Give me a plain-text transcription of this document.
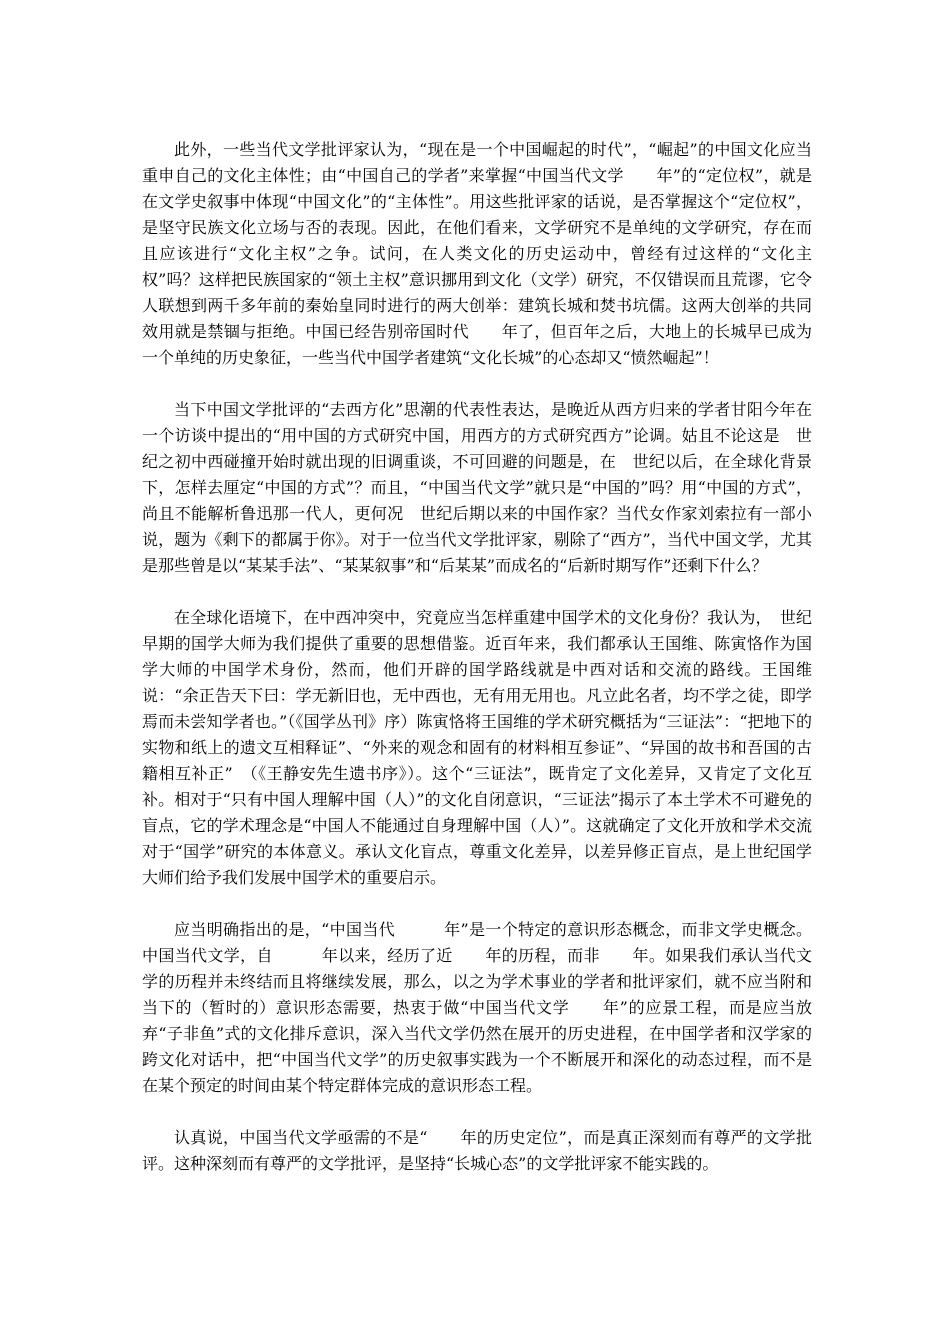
此外，一些当代文学批评家认为，“现在是一个中国崛起的时代”，“崛起”的中国文化应当重申自己的文化主体性；由“中国自己的学者”来掌握“中国当代文学　　年”的“定位权”，就是在文学史叙事中体现“中国文化”的“主体性”。用这些批评家的话说，是否掌握这个“定位权”，是坚守民族文化立场与否的表现。因此，在他们看来，文学研究不是单纯的文学研究，存在而且应该进行“文化主权”之争。试问，在人类文化的历史运动中，曾经有过这样的“文化主权”吗？这样把民族国家的“领土主权”意识挪用到文化（文学）研究，不仅错误而且荒谬，它令人联想到两千多年前的秦始皇同时进行的两大创举：建筑长城和焚书坑儒。这两大创举的共同效用就是禁锢与拒绝。中国已经告别帝国时代　　年了，但百年之后，大地上的长城早已成为一个单纯的历史象征，一些当代中国学者建筑“文化长城”的心态却又“愤然崛起”！

当下中国文学批评的“去西方化”思潮的代表性表达，是晚近从西方归来的学者甘阳今年在一个访谈中提出的“用中国的方式研究中国，用西方的方式研究西方”论调。姑且不论这是　世纪之初中西碰撞开始时就出现的旧调重谈，不可回避的问题是，在　世纪以后，在全球化背景下，怎样去厘定“中国的方式”？而且，“中国当代文学”就只是“中国的”吗？用“中国的方式”，尚且不能解析鲁迅那一代人，更何况　世纪后期以来的中国作家？当代女作家刘索拉有一部小说，题为《剩下的都属于你》。对于一位当代文学批评家，剔除了“西方”，当代中国文学，尤其是那些曾是以“某某手法”、“某某叙事”和“后某某”而成名的“后新时期写作”还剩下什么？

在全球化语境下，在中西冲突中，究竟应当怎样重建中国学术的文化身份？我认为，　世纪早期的国学大师为我们提供了重要的思想借鉴。近百年来，我们都承认王国维、陈寅恪作为国学大师的中国学术身份，然而，他们开辟的国学路线就是中西对话和交流的路线。王国维说：“余正告天下曰：学无新旧也，无中西也，无有用无用也。凡立此名者，均不学之徒，即学焉而未尝知学者也。”（《国学丛刊》序）陈寅恪将王国维的学术研究概括为“三证法”：“把地下的实物和纸上的遗文互相释证”、“外来的观念和固有的材料相互参证”、“异国的故书和吾国的古籍相互补正”　（《王静安先生遗书序》）。这个“三证法”，既肯定了文化差异，又肯定了文化互补。相对于“只有中国人理解中国（人）”的文化自闭意识，“三证法”揭示了本土学术不可避免的盲点，它的学术理念是“中国人不能通过自身理解中国（人）”。这就确定了文化开放和学术交流对于“国学”研究的本体意义。承认文化盲点，尊重文化差异，以差异修正盲点，是上世纪国学大师们给予我们发展中国学术的重要启示。

应当明确指出的是，“中国当代　　　年”是一个特定的意识形态概念，而非文学史概念。中国当代文学，自　　　年以来，经历了近　　年的历程，而非　　年。如果我们承认当代文学的历程并未终结而且将继续发展，那么，以之为学术事业的学者和批评家们，就不应当附和当下的（暂时的）意识形态需要，热衷于做“中国当代文学　　年”的应景工程，而是应当放弃“子非鱼”式的文化排斥意识，深入当代文学仍然在展开的历史进程，在中国学者和汉学家的跨文化对话中，把“中国当代文学”的历史叙事实践为一个不断展开和深化的动态过程，而不是在某个预定的时间由某个特定群体完成的意识形态工程。

认真说，中国当代文学亟需的不是“　　年的历史定位”，而是真正深刻而有尊严的文学批评。这种深刻而有尊严的文学批评，是坚持“长城心态”的文学批评家不能实践的。
